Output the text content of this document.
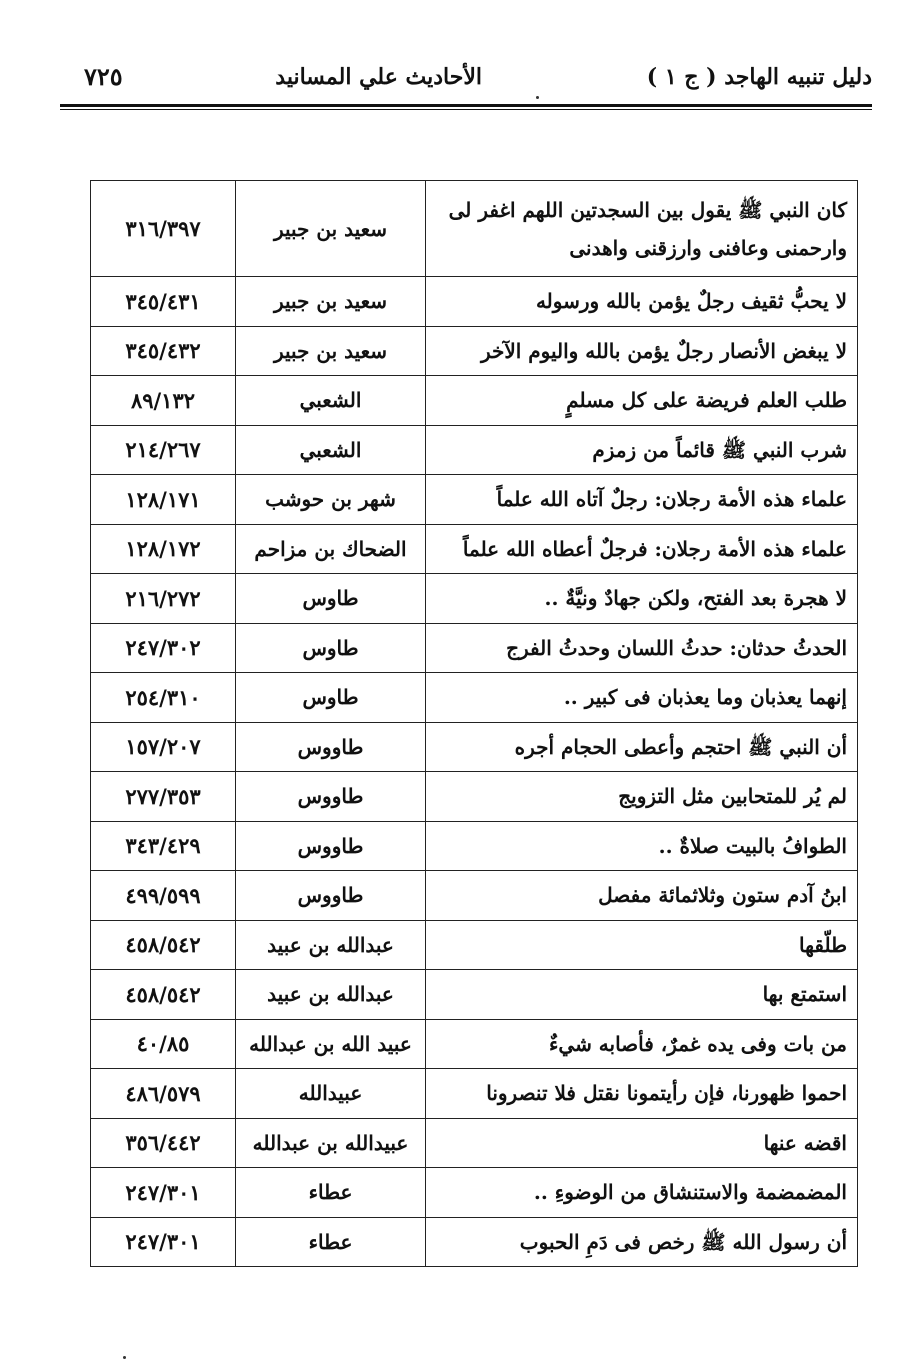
دليل تنبيه الهاجد ( ج ١ )
الأحاديث علي المسانيد
٧٢٥
كان النبي ﷺ يقول بين السجدتين اللهم اغفر لى وارحمنى وعافنى وارزقنى واهدنى	سعيد بن جبير	٣١٦/٣٩٧
لا يحبُّ ثقيف رجلٌ يؤمن بالله ورسوله	سعيد بن جبير	٣٤٥/٤٣١
لا يبغض الأنصار رجلٌ يؤمن بالله واليوم الآخر	سعيد بن جبير	٣٤٥/٤٣٢
طلب العلم فريضة على كل مسلمٍ	الشعبي	٨٩/١٣٢
شرب النبي ﷺ قائماً من زمزم	الشعبي	٢١٤/٢٦٧
علماء هذه الأمة رجلان: رجلٌ آتاه الله علماً	شهر بن حوشب	١٢٨/١٧١
علماء هذه الأمة رجلان: فرجلٌ أعطاه الله علماً	الضحاك بن مزاحم	١٢٨/١٧٢
لا هجرة بعد الفتح، ولكن جهادٌ ونيَّةٌ ..	طاوس	٢١٦/٢٧٢
الحدثُ حدثان: حدثُ اللسان وحدثُ الفرج	طاوس	٢٤٧/٣٠٢
إنهما يعذبان وما يعذبان فى كبير ..	طاوس	٢٥٤/٣١٠
أن النبي ﷺ احتجم وأعطى الحجام أجره	طاووس	١٥٧/٢٠٧
لم يُر للمتحابين مثل التزويج	طاووس	٢٧٧/٣٥٣
الطوافُ بالبيت صلاةٌ ..	طاووس	٣٤٣/٤٢٩
ابنُ آدم ستون وثلاثمائة مفصل	طاووس	٤٩٩/٥٩٩
طلّقها	عبدالله بن عبيد	٤٥٨/٥٤٢
استمتع بها	عبدالله بن عبيد	٤٥٨/٥٤٢
من بات وفى يده غمرٌ، فأصابه شيءٌ	عبيد الله بن عبدالله	٤٠/٨٥
احموا ظهورنا، فإن رأيتمونا نقتل فلا تنصرونا	عبيدالله	٤٨٦/٥٧٩
اقضه عنها	عبيدالله بن عبدالله	٣٥٦/٤٤٢
المضمضمة والاستنشاق من الوضوءِ ..	عطاء	٢٤٧/٣٠١
أن رسول الله ﷺ رخص فى دَمِ الحبوب	عطاء	٢٤٧/٣٠١
